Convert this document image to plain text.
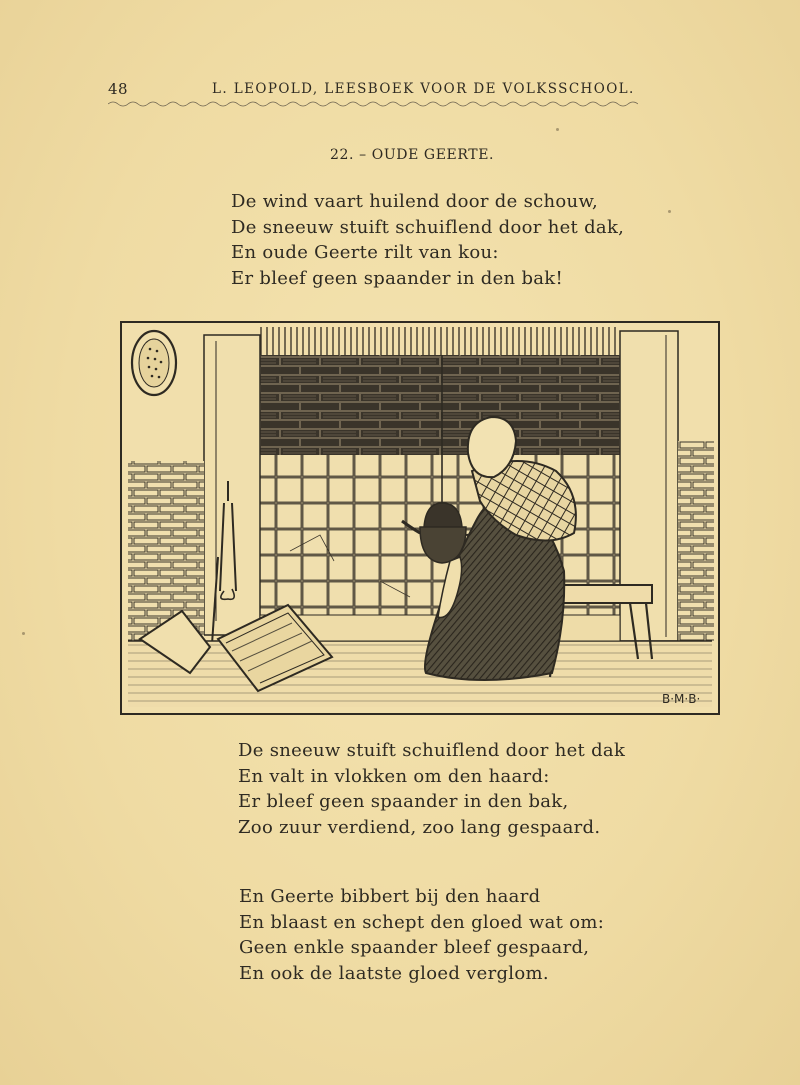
48	L. LEOPOLD, LEESBOEK VOOR DE VOLKSSCHOOL.
22. – OUDE GEERTE.
De wind vaart huilend door de schouw,
De sneeuw stuift schuiflend door het dak,
En oude Geerte rilt van kou:
Er bleef geen spaander in den bak!
B·M·B·
De sneeuw stuift schuiflend door het dak
En valt in vlokken om den haard:
Er bleef geen spaander in den bak,
Zoo zuur verdiend, zoo lang gespaard.
En Geerte bibbert bij den haard
En blaast en schept den gloed wat om:
Geen enkle spaander bleef gespaard,
En ook de laatste gloed verglom.
